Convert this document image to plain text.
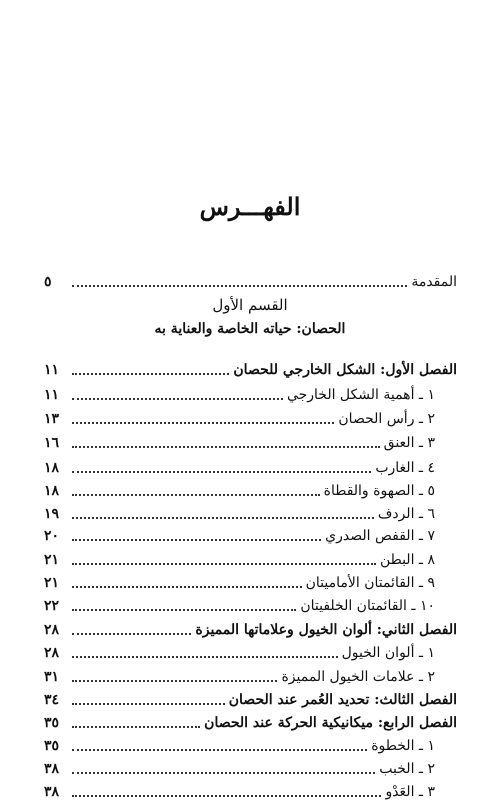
الفهـــرس
المقدمة
٥
القسم الأول
الحصان: حياته الخاصة والعناية به
الفصل الأول: الشكل الخارجي للحصان
١١
١ ـ أهمية الشكل الخارجي
١١
٢ ـ رأس الحصان
١٣
٣ ـ العنق
١٦
٤ ـ الغارب
١٨
٥ ـ الصهوة والقطاة
١٨
٦ ـ الردف
١٩
٧ ـ القفص الصدري
٢٠
٨ ـ البطن
٢١
٩ ـ القائمتان الأماميتان
٢١
١٠ ـ القائمتان الخلفيتان
٢٢
الفصل الثاني: ألوان الخيول وعلاماتها المميزة
٢٨
١ ـ ألوان الخيول
٢٨
٢ ـ علامات الخيول المميزة
٣١
الفصل الثالث: تحديد العُمر عند الحصان
٣٤
الفصل الرابع: ميكانيكية الحركة عند الحصان
٣٥
١ ـ الخطوة
٣٥
٢ ـ الخبب
٣٨
٣ ـ العَدْو
٣٨
